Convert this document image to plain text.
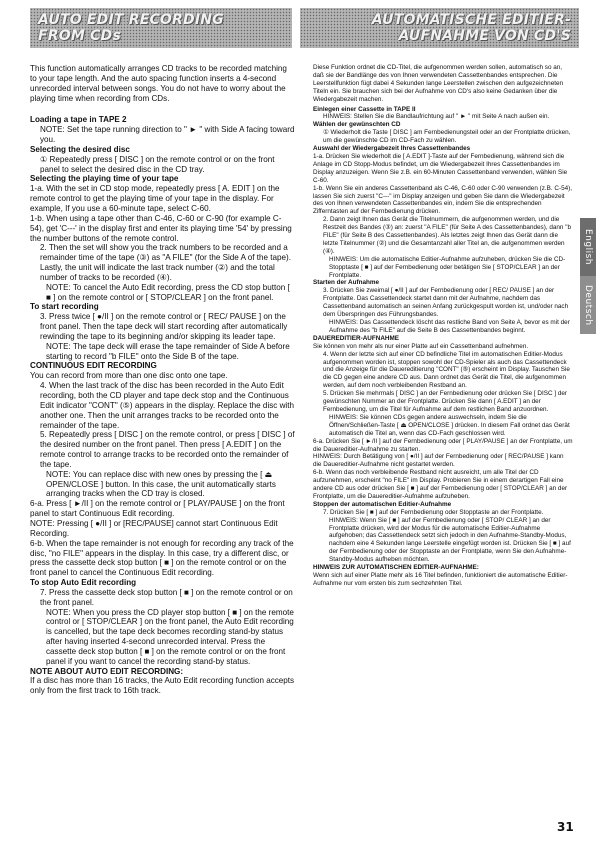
AUTO EDIT RECORDING
FROM CDs
AUTOMATISCHE EDITIER-
AUFNAHME VON CD'S

This function automatically arranges CD tracks to be recorded matching to your tape length. And the auto spacing function inserts a 4-second unrecorded interval between songs. You do not have to worry about the playing time when recording from CDs.

Loading a tape in TAPE 2

NOTE: Set the tape running direction to " ► " with Side A facing toward you.

Selecting the desired disc

① Repeatedly press [ DISC ] on the remote control or on the front panel to select the desired disc in the CD tray.

Selecting the playing time of your tape

1-a. With the set in CD stop mode, repeatedly press [ A. EDIT ] on the remote control to get the playing time of your tape in the display. For example, If you use a 60-minute tape, select C-60.

1-b. When using a tape other than C-46, C-60 or C-90 (for example C-54), get 'C---' in the display first and enter its playing time '54' by pressing the number buttons of the remote control.

2. Then the set will show you the track numbers to be recorded and a remainder time of the tape (③) as "A FILE" (for the Side A of the tape). Lastly, the unit will indicate the last track number (②) and the total number of tracks to be recorded (④).

NOTE: To cancel the Auto Edit recording, press the CD stop button [ ■ ] on the remote control or [ STOP/CLEAR ] on the front panel.

To start recording

3. Press twice [ ●/II ] on the remote control or [ REC/ PAUSE ] on the front panel. Then the tape deck will start recording after automatically rewinding the tape to its beginning and/or skipping its leader tape.

NOTE: The tape deck will erase the tape remainder of Side A before starting to record "b FILE" onto the Side B of the tape.

CONTINUOUS EDIT RECORDING

You can record from more than one disc onto one tape.

4. When the last track of the disc has been recorded in the Auto Edit recording, both the CD player and tape deck stop and the Continuous Edit indicator "CONT" (⑤) appears in the display. Replace the disc with another one. Then the unit arranges tracks to be recorded onto the remainder of the tape.

5. Repeatedly press [ DISC ] on the remote control, or press [ DISC ] of the desired number on the front panel. Then press [ A.EDIT ] on the remote control to arrange tracks to be recorded onto the remainder of the tape.

NOTE: You can replace disc with new ones by pressing the [ ⏏ OPEN/CLOSE ] button. In this case, the unit automatically starts arranging tracks when the CD tray is closed.

6-a. Press [ ►/II ] on the remote control or [ PLAY/PAUSE ] on the front panel to start Continuous Edit recording.

NOTE: Pressing [ ●/II ] or [REC/PAUSE] cannot start Continuous Edit Recording.

6-b. When the tape remainder is not enough for recording any track of the disc, "no FILE" appears in the display. In this case, try a different disc, or press the cassette deck stop button [ ■ ] on the remote control or on the front panel to cancel the Continuous Edit recording.

To stop Auto Edit recording

7. Press the cassette deck stop button [ ■ ] on the remote control or on the front panel.

NOTE: When you press the CD player stop button [ ■ ] on the remote control or [ STOP/CLEAR ] on the front panel, the Auto Edit recording is cancelled, but the tape deck becomes recording stand-by status after having inserted 4-second unrecorded interval. Press the cassette deck stop button [ ■ ] on the remote control or on the front panel if you want to cancel the recording stand-by status.

NOTE ABOUT AUTO EDIT RECORDING:

If a disc has more than 16 tracks, the Auto Edit recording function accepts only from the first track to 16th track.

Diese Funktion ordnet die CD-Titel, die aufgenommen werden sollen, automatisch so an, daß sie der Bandlänge des von Ihnen verwendeten Cassettenbandes entsprechen. Die Leerstellfunktion fügt dabei 4 Sekunden lange Leerstellen zwischen den aufgezeichneten Titeln ein. Sie brauchen sich bei der Aufnahme von CD's also keine Gedanken über die Wiedergabezeit machen.

Einlegen einer Cassette in TAPE II

HINWEIS: Stellen Sie die Bandlaufrichtung auf " ► " mit Seite A nach außen ein.

Wählen der gewünschten CD

① Wiederholt die Taste [ DISC ] am Fernbedienungsteil oder an der Frontplatte drücken, um die gewünschte CD im CD-Fach zu wählen.

Auswahl der Wiedergabezeit Ihres Cassettenbandes

1-a. Drücken Sie wiederholt die [ A.EDIT ]-Taste auf der Fernbedienung, während sich die Anlage im CD Stopp-Modus befindet, um die Wiedergabezeit Ihres Cassettenbandes im Display anzuzeigen. Wenn Sie z.B. ein 60-Minuten Cassettenband verwenden, wählen Sie C-60.

1-b. Wenn Sie ein anderes Cassettenband als C-46, C-60 oder C-90 verwenden (z.B. C-54), lassen Sie sich zuerst "C---" im Display anzeigen und geben Sie dann die Wiedergabezeit des von Ihnen verwendeten Cassettenbandes ein, indem Sie die entsprechenden Zifferntasten auf der Fernbedienung drücken.

2. Dann zeigt Ihnen das Gerät die Titelnummern, die aufgenommen werden, und die Restzeit des Bandes (③) an: zuerst "A FILE" (für Seite A des Cassettenbandes), dann "b FILE" (für Seite B des Cassettenbandes). Als letztes zeigt Ihnen das Gerät dann die letzte Titelnummer (②) und die Gesamtanzahl aller Titel an, die aufgenommen werden (④).

HINWEIS: Um die automatische Editier-Aufnahme aufzuheben, drücken Sie die CD-Stopptaste [ ■ ] auf der Fernbedienung oder betätigen Sie [ STOP/CLEAR ] an der Frontplatte.

Starten der Aufnahme

3. Drücken Sie zweimal [ ●/II ] auf der Fernbedienung oder [ REC/ PAUSE ] an der Frontplatte. Das Cassettendeck startet dann mit der Aufnahme, nachdem das Cassettenband automatisch an seinen Anfang zurückgespult worden ist, und/oder nach dem Überspringen des Führungsbandes.

HINWEIS: Das Cassettendeck löscht das restliche Band von Seite A, bevor es mit der Aufnahme des "b FILE" auf die Seite B des Cassettenbandes beginnt.

DAUEREDITIER-AUFNAHME

Sie können von mehr als nur einer Platte auf ein Cassettenband aufnehmen.

4. Wenn der letzte sich auf einer CD befindliche Titel im automatischen Editier-Modus aufgenommen worden ist, stoppen sowohl der CD-Spieler als auch das Cassettendeck und die Anzeige für die Dauereditierung "CONT" (⑤) erscheint im Display. Tauschen Sie die CD gegen eine andere CD aus. Dann ordnet das Gerät die Titel, die aufgenommen werden, auf dem noch verbleibenden Restband an.

5. Drücken Sie mehrmals [ DISC ] an der Fernbedienung oder drücken Sie [ DISC ] der gewünschten Nummer an der Frontplatte. Drücken Sie dann [ A.EDIT ] an der Fernbedienung, um die Titel für Aufnahme auf dem restlichen Band anzuordnen.

HINWEIS: Sie können CDs gegen andere auswechseln, indem Sie die Öffnen/Schließen-Taste [ ⏏ OPEN/CLOSE ] drücken. In diesem Fall ordnet das Gerät automatisch die Titel an, wenn das CD-Fach geschlossen wird.

6-a. Drücken Sie [ ►/II ] auf der Fernbedienung oder [ PLAY/PAUSE ] an der Frontplatte, um die Dauereditier-Aufnahme zu starten.

HINWEIS: Durch Betätigung von [ ●/II ] auf der Fernbedienung oder [ REC/PAUSE ] kann die Dauereditier-Aufnahme nicht gestartet werden.

6-b. Wenn das noch verbleibende Restband nicht ausreicht, um alle Titel der CD aufzunehmen, erscheint "no FILE" im Display. Probieren Sie in einem derartigen Fall eine andere CD aus oder drücken Sie [ ■ ] auf der Fernbedienung oder [ STOP/CLEAR ] an der Frontplatte, um die Dauereditier-Aufnahme aufzuheben.

Stoppen der automatischen Editier-Aufnahme

7. Drücken Sie [ ■ ] auf der Fernbedienung oder Stopptaste an der Frontplatte.

HINWEIS: Wenn Sie [ ■ ] auf der Fernbedienung oder [ STOP/ CLEAR ] an der Frontplatte drücken, wird der Modus für die automatische Editier-Aufnahme aufgehoben; das Cassettendeck setzt sich jedoch in den Aufnahme-Standby-Modus, nachdem eine 4 Sekunden lange Leerstelle eingefügt worden ist. Drücken Sie [ ■ ] auf der Fernbedienung oder der Stopptaste an der Frontplatte, wenn Sie den Aufnahme-Standby-Modus aufheben möchten.

HINWEIS ZUR AUTOMATISCHEN EDITIER-AUFNAHME:

Wenn sich auf einer Platte mehr als 16 Titel befinden, funktioniert die automatische Editier-Aufnahme nur vom ersten bis zum sechzehnten Titel.

English
Deutsch
31
